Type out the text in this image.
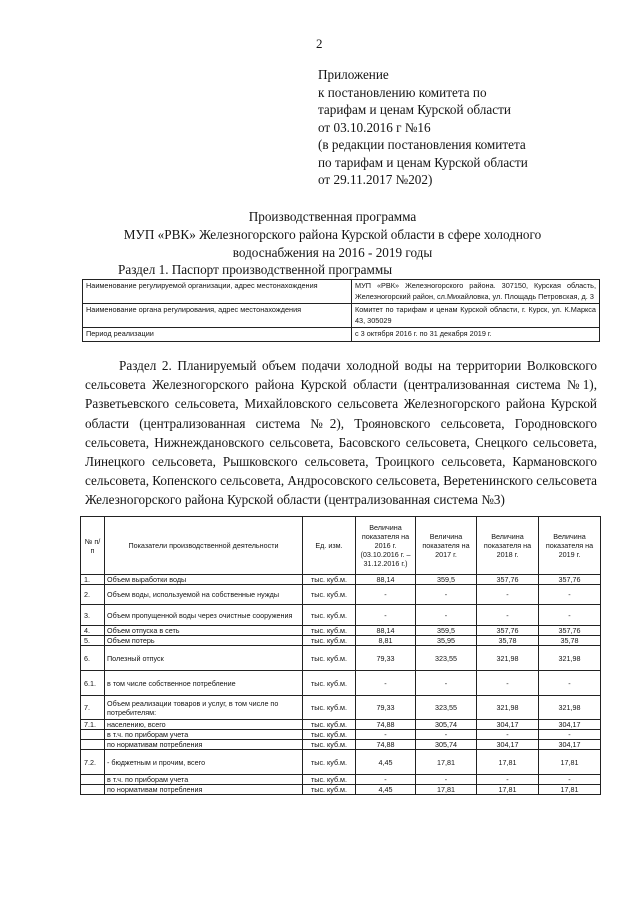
2
Приложение
к постановлению комитета по
тарифам и ценам Курской области
от 03.10.2016 г №16
(в редакции постановления комитета
по тарифам и ценам Курской области
от 29.11.2017 №202)
Производственная программа
МУП «РВК» Железногорского района Курской области в сфере холодного
водоснабжения на 2016 - 2019 годы
Раздел 1. Паспорт производственной программы
Наименование регулируемой организации, адрес местонахождения	МУП «РВК» Железногорского района. 307150, Курская область, Железногорский район, сл.Михайловка, ул. Площадь Петровская, д. 3
Наименование органа регулирования, адрес местонахождения	Комитет по тарифам и ценам Курской области, г. Курск, ул. К.Маркса 43, 305029
Период реализации	с 3 октября 2016 г. по 31 декабря 2019 г.
Раздел 2. Планируемый объем подачи холодной воды на территории Волковского сельсовета Железногорского района Курской области (централизованная система №1), Разветьевского сельсовета, Михайловского сельсовета Железногорского района Курской области (централизованная система №2), Трояновского сельсовета, Городновского сельсовета, Нижнеждановского сельсовета, Басовского сельсовета, Снецкого сельсовета, Линецкого сельсовета, Рышковского сельсовета, Троицкого сельсовета, Кармановского сельсовета, Копенского сельсовета, Андросовского сельсовета, Веретенинского сельсовета Железногорского района Курской области (централизованная система №3)
№ п/п	Показатели производственной деятельности	Ед. изм.	Величина показателя на 2016 г. (03.10.2016 г. – 31.12.2016 г.)	Величина показателя на 2017 г.	Величина показателя на 2018 г.	Величина показателя на 2019 г.
1.	Объем выработки воды	тыс. куб.м.	88,14	359,5	357,76	357,76
2.	Объем воды, используемой на собственные нужды	тыс. куб.м.	-	-	-	-
3.	Объем пропущенной воды через очистные сооружения	тыс. куб.м.	-	-	-	-
4.	Объем отпуска в сеть	тыс. куб.м.	88,14	359,5	357,76	357,76
5.	Объем потерь	тыс. куб.м.	8,81	35,95	35,78	35,78
6.	Полезный отпуск	тыс. куб.м.	79,33	323,55	321,98	321,98
6.1.	в том числе собственное потребление	тыс. куб.м.	-	-	-	-
7.	Объем реализации товаров и услуг, в том числе по потребителям:	тыс. куб.м.	79,33	323,55	321,98	321,98
7.1.	населению, всего	тыс. куб.м.	74,88	305,74	304,17	304,17
	в т.ч. по приборам учета	тыс. куб.м.	-	-	-	-
	по нормативам потребления	тыс. куб.м.	74,88	305,74	304,17	304,17
7.2.	- бюджетным и прочим, всего	тыс. куб.м.	4,45	17,81	17,81	17,81
	в т.ч. по приборам учета	тыс. куб.м.	-	-	-	-
	по нормативам потребления	тыс. куб.м.	4,45	17,81	17,81	17,81
